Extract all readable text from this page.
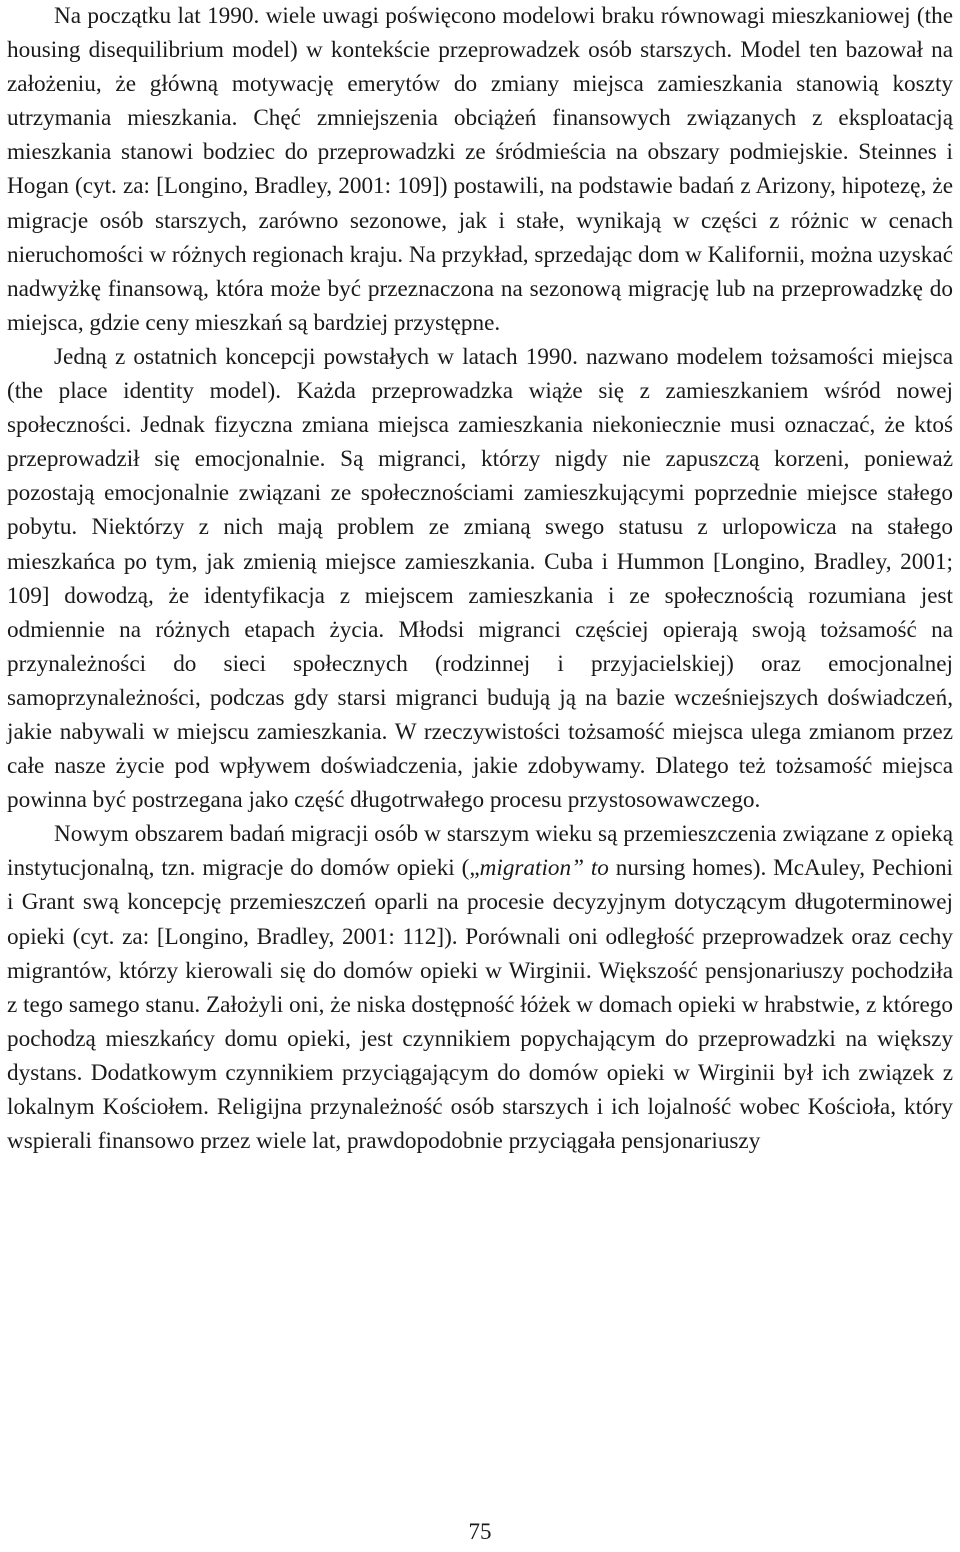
Na początku lat 1990. wiele uwagi poświęcono modelowi braku równowagi mieszkaniowej (the housing disequilibrium model) w kontekście przeprowadzek osób starszych. Model ten bazował na założeniu, że główną motywację emerytów do zmiany miejsca zamieszkania stanowią koszty utrzymania mieszkania. Chęć zmniejszenia obciążeń finansowych związanych z eksploatacją mieszkania stanowi bodziec do przeprowadzki ze śródmieścia na obszary podmiejskie. Steinnes i Hogan (cyt. za: [Longino, Bradley, 2001: 109]) postawili, na podstawie badań z Arizony, hipotezę, że migracje osób starszych, zarówno sezonowe, jak i stałe, wynikają w części z różnic w cenach nieruchomości w różnych regionach kraju. Na przykład, sprzedając dom w Kalifornii, można uzyskać nadwyżkę finansową, która może być przeznaczona na sezonową migrację lub na przeprowadzkę do miejsca, gdzie ceny mieszkań są bardziej przystępne.

Jedną z ostatnich koncepcji powstałych w latach 1990. nazwano modelem tożsamości miejsca (the place identity model). Każda przeprowadzka wiąże się z zamieszkaniem wśród nowej społeczności. Jednak fizyczna zmiana miejsca zamieszkania niekoniecznie musi oznaczać, że ktoś przeprowadził się emocjonalnie. Są migranci, którzy nigdy nie zapuszczą korzeni, ponieważ pozostają emocjonalnie związani ze społecznościami zamieszkującymi poprzednie miejsce stałego pobytu. Niektórzy z nich mają problem ze zmianą swego statusu z urlopowicza na stałego mieszkańca po tym, jak zmienią miejsce zamieszkania. Cuba i Hummon [Longino, Bradley, 2001; 109] dowodzą, że identyfikacja z miejscem zamieszkania i ze społecznością rozumiana jest odmiennie na różnych etapach życia. Młodsi migranci częściej opierają swoją tożsamość na przynależności do sieci społecznych (rodzinnej i przyjacielskiej) oraz emocjonalnej samoprzynależności, podczas gdy starsi migranci budują ją na bazie wcześniejszych doświadczeń, jakie nabywali w miejscu zamieszkania. W rzeczywistości tożsamość miejsca ulega zmianom przez całe nasze życie pod wpływem doświadczenia, jakie zdobywamy. Dlatego też tożsamość miejsca powinna być postrzegana jako część długotrwałego procesu przystosowawczego.

Nowym obszarem badań migracji osób w starszym wieku są przemieszczenia związane z opieką instytucjonalną, tzn. migracje do domów opieki („migration” to nursing homes). McAuley, Pechioni i Grant swą koncepcję przemieszczeń oparli na procesie decyzyjnym dotyczącym długoterminowej opieki (cyt. za: [Longino, Bradley, 2001: 112]). Porównali oni odległość przeprowadzek oraz cechy migrantów, którzy kierowali się do domów opieki w Wirginii. Większość pensjonariuszy pochodziła z tego samego stanu. Założyli oni, że niska dostępność łóżek w domach opieki w hrabstwie, z którego pochodzą mieszkańcy domu opieki, jest czynnikiem popychającym do przeprowadzki na większy dystans. Dodatkowym czynnikiem przyciągającym do domów opieki w Wirginii był ich związek z lokalnym Kościołem. Religijna przynależność osób starszych i ich lojalność wobec Kościoła, który wspierali finansowo przez wiele lat, prawdopodobnie przyciągała pensjonariuszy

75
